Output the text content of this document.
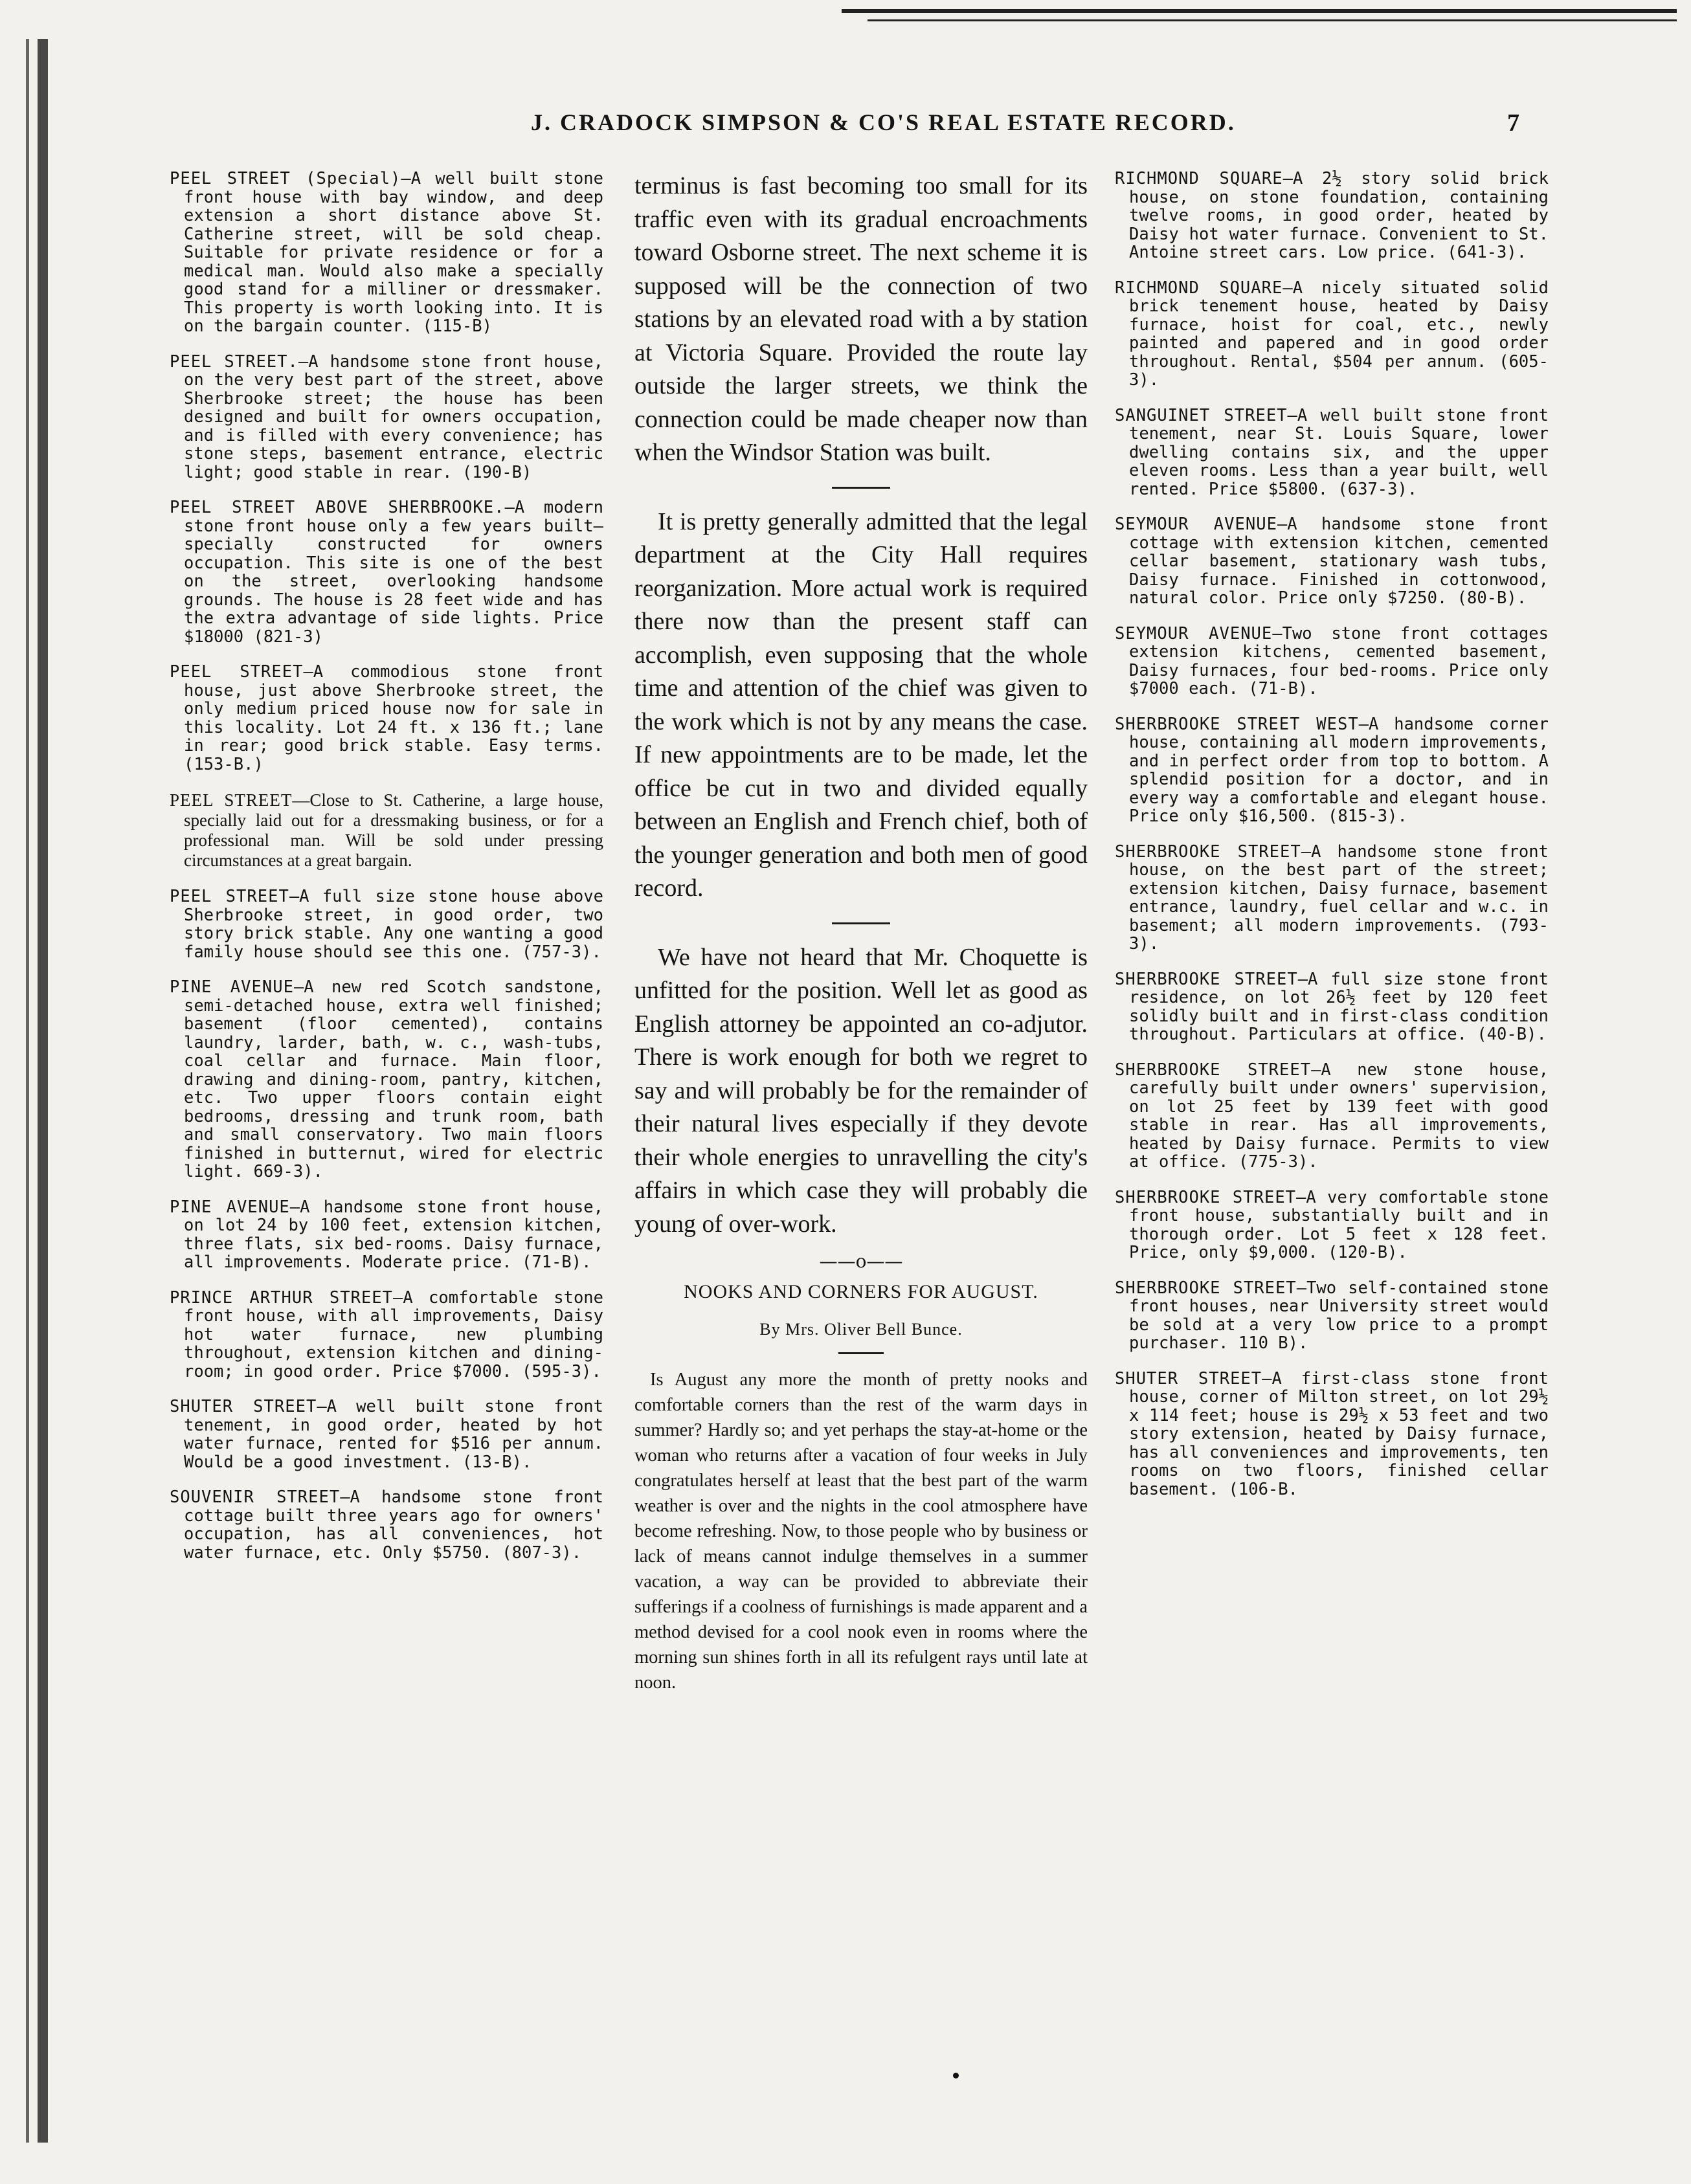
J. CRADOCK SIMPSON & CO'S REAL ESTATE RECORD.	7

PEEL STREET (Special)—A well built stone front house with bay window, and deep extension a short distance above St. Catherine street, will be sold cheap. Suitable for private residence or for a medical man. Would also make a specially good stand for a milliner or dressmaker. This property is worth looking into. It is on the bargain counter. (115-B)

PEEL STREET.—A handsome stone front house, on the very best part of the street, above Sherbrooke street; the house has been designed and built for owners occupation, and is filled with every convenience; has stone steps, basement entrance, electric light; good stable in rear. (190-B)

PEEL STREET ABOVE SHERBROOKE.—A modern stone front house only a few years built—specially constructed for owners occupation. This site is one of the best on the street, overlooking handsome grounds. The house is 28 feet wide and has the extra advantage of side lights. Price $18000 (821-3)

PEEL STREET—A commodious stone front house, just above Sherbrooke street, the only medium priced house now for sale in this locality. Lot 24 ft. x 136 ft.; lane in rear; good brick stable. Easy terms. (153-B.)

PEEL STREET—Close to St. Catherine, a large house, specially laid out for a dressmaking business, or for a professional man. Will be sold under pressing circumstances at a great bargain.

PEEL STREET—A full size stone house above Sherbrooke street, in good order, two story brick stable. Any one wanting a good family house should see this one. (757-3).

PINE AVENUE—A new red Scotch sandstone, semi-detached house, extra well finished; basement (floor cemented), contains laundry, larder, bath, w. c., wash-tubs, coal cellar and furnace. Main floor, drawing and dining-room, pantry, kitchen, etc. Two upper floors contain eight bedrooms, dressing and trunk room, bath and small conservatory. Two main floors finished in butternut, wired for electric light. 669-3).

PINE AVENUE—A handsome stone front house, on lot 24 by 100 feet, extension kitchen, three flats, six bed-rooms. Daisy furnace, all improvements. Moderate price. (71-B).

PRINCE ARTHUR STREET—A comfortable stone front house, with all improvements, Daisy hot water furnace, new plumbing throughout, extension kitchen and dining-room; in good order. Price $7000. (595-3).

SHUTER STREET—A well built stone front tenement, in good order, heated by hot water furnace, rented for $516 per annum. Would be a good investment. (13-B).

SOUVENIR STREET—A handsome stone front cottage built three years ago for owners' occupation, has all conveniences, hot water furnace, etc. Only $5750. (807-3).

terminus is fast becoming too small for its traffic even with its gradual encroachments toward Osborne street. The next scheme it is supposed will be the connection of two stations by an elevated road with a by station at Victoria Square. Provided the route lay outside the larger streets, we think the connection could be made cheaper now than when the Windsor Station was built.

It is pretty generally admitted that the legal department at the City Hall requires reorganization. More actual work is required there now than the present staff can accomplish, even supposing that the whole time and attention of the chief was given to the work which is not by any means the case. If new appointments are to be made, let the office be cut in two and divided equally between an English and French chief, both of the younger generation and both men of good record.

We have not heard that Mr. Choquette is unfitted for the position. Well let as good as English attorney be appointed an co-adjutor. There is work enough for both we regret to say and will probably be for the remainder of their natural lives especially if they devote their whole energies to unravelling the city's affairs in which case they will probably die young of over-work.

——o——
NOOKS AND CORNERS FOR AUGUST.
By Mrs. Oliver Bell Bunce.

Is August any more the month of pretty nooks and comfortable corners than the rest of the warm days in summer? Hardly so; and yet perhaps the stay-at-home or the woman who returns after a vacation of four weeks in July congratulates herself at least that the best part of the warm weather is over and the nights in the cool atmosphere have become refreshing. Now, to those people who by business or lack of means cannot indulge themselves in a summer vacation, a way can be provided to abbreviate their sufferings if a coolness of furnishings is made apparent and a method devised for a cool nook even in rooms where the morning sun shines forth in all its refulgent rays until late at noon.

RICHMOND SQUARE—A 2½ story solid brick house, on stone foundation, containing twelve rooms, in good order, heated by Daisy hot water furnace. Convenient to St. Antoine street cars. Low price. (641-3).

RICHMOND SQUARE—A nicely situated solid brick tenement house, heated by Daisy furnace, hoist for coal, etc., newly painted and papered and in good order throughout. Rental, $504 per annum. (605-3).

SANGUINET STREET—A well built stone front tenement, near St. Louis Square, lower dwelling contains six, and the upper eleven rooms. Less than a year built, well rented. Price $5800. (637-3).

SEYMOUR AVENUE—A handsome stone front cottage with extension kitchen, cemented cellar basement, stationary wash tubs, Daisy furnace. Finished in cottonwood, natural color. Price only $7250. (80-B).

SEYMOUR AVENUE—Two stone front cottages extension kitchens, cemented basement, Daisy furnaces, four bed-rooms. Price only $7000 each. (71-B).

SHERBROOKE STREET WEST—A handsome corner house, containing all modern improvements, and in perfect order from top to bottom. A splendid position for a doctor, and in every way a comfortable and elegant house. Price only $16,500. (815-3).

SHERBROOKE STREET—A handsome stone front house, on the best part of the street; extension kitchen, Daisy furnace, basement entrance, laundry, fuel cellar and w.c. in basement; all modern improvements. (793-3).

SHERBROOKE STREET—A full size stone front residence, on lot 26½ feet by 120 feet solidly built and in first-class condition throughout. Particulars at office. (40-B).

SHERBROOKE STREET—A new stone house, carefully built under owners' supervision, on lot 25 feet by 139 feet with good stable in rear. Has all improvements, heated by Daisy furnace. Permits to view at office. (775-3).

SHERBROOKE STREET—A very comfortable stone front house, substantially built and in thorough order. Lot 5 feet x 128 feet. Price, only $9,000. (120-B).

SHERBROOKE STREET—Two self-contained stone front houses, near University street would be sold at a very low price to a prompt purchaser. 110 B).

SHUTER STREET—A first-class stone front house, corner of Milton street, on lot 29½ x 114 feet; house is 29½ x 53 feet and two story extension, heated by Daisy furnace, has all conveniences and improvements, ten rooms on two floors, finished cellar basement. (106-B.
